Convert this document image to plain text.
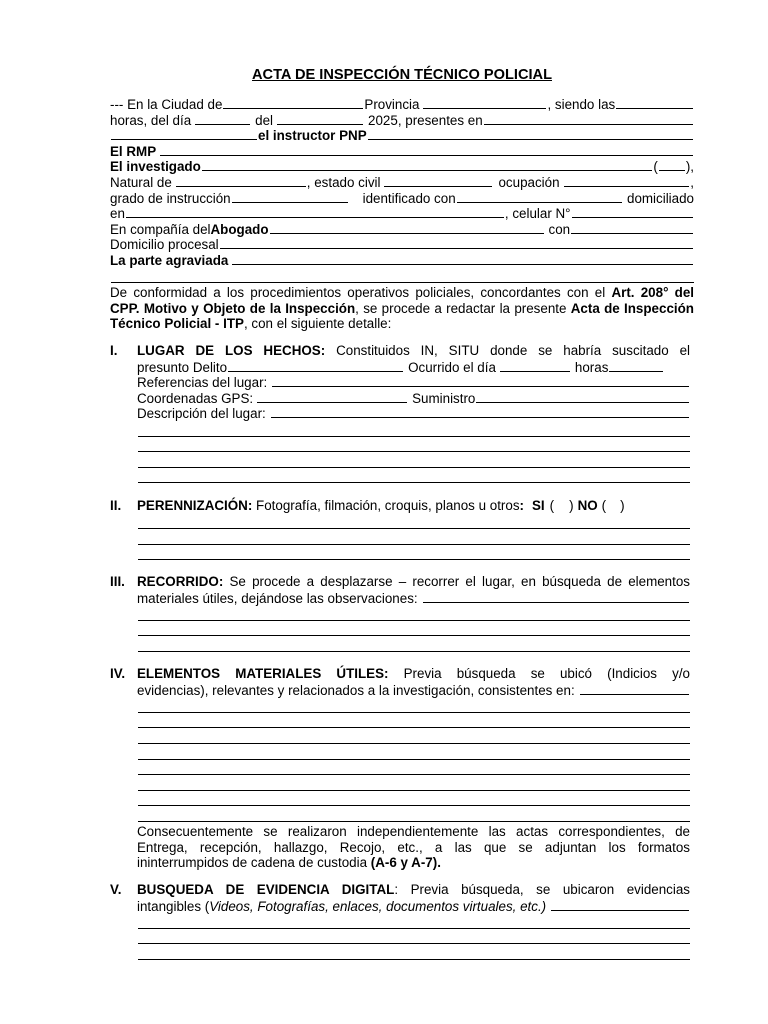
ACTA DE INSPECCIÓN TÉCNICO POLICIAL
--- En la Ciudad de	Provincia	, siendo las
horas, del día	del	2025, presentes en
el instructor PNP
El RMP
El investigado	( ),
Natural de	, estado civil	ocupación	,
grado de instrucción	identificado con	domiciliado
en	, celular N°
En compañía del Abogado	con
Domicilio procesal
La parte agraviada

De conformidad a los procedimientos operativos policiales, concordantes con el Art. 208° del CPP. Motivo y Objeto de la Inspección, se procede a redactar la presente Acta de Inspección Técnico Policial - ITP, con el siguiente detalle:

I. LUGAR DE LOS HECHOS: Constituidos IN, SITU donde se habría suscitado el

presunto Delito	Ocurrido el día	horas
Referencias del lugar:
Coordenadas GPS:	Suministro
Descripción del lugar:
II. PERENNIZACIÓN: Fotografía, filmación, croquis, planos u otros : SI ( ) NO ( )
III. RECORRIDO: Se procede a desplazarse – recorrer el lugar, en búsqueda de elementos

materiales útiles, dejándose las observaciones:
IV. ELEMENTOS MATERIALES ÚTILES: Previa búsqueda se ubicó (Indicios y/o

evidencias), relevantes y relacionados a la investigación, consistentes en:

Consecuentemente se realizaron independientemente las actas correspondientes, de Entrega, recepción, hallazgo, Recojo, etc., a las que se adjuntan los formatos ininterrumpidos de cadena de custodia (A-6 y A-7).

V. BUSQUEDA DE EVIDENCIA DIGITAL: Previa búsqueda, se ubicaron evidencias

intangibles ( Videos, Fotografías, enlaces, documentos virtuales, etc.)
